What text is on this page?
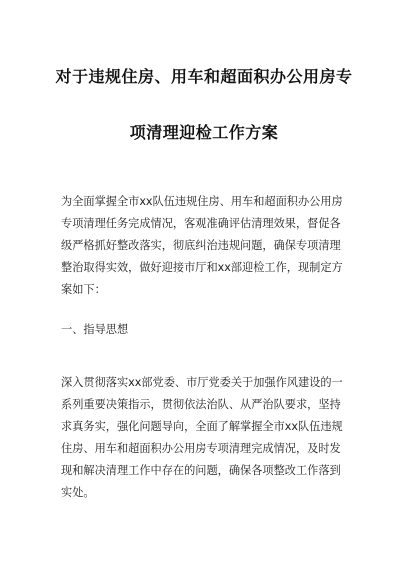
对于违规住房、用车和超面积办公用房专
项清理迎检工作方案
为全面掌握全市xx队伍违规住房、用车和超面积办公用房
专项清理任务完成情况，客观准确评估清理效果，督促各
级严格抓好整改落实，彻底纠治违规问题，确保专项清理
整治取得实效，做好迎接市厅和xx部迎检工作，现制定方
案如下：
一、指导思想
深入贯彻落实xx部党委、市厅党委关于加强作风建设的一
系列重要决策指示，贯彻依法治队、从严治队要求，坚持
求真务实，强化问题导向，全面了解掌握全市xx队伍违规
住房、用车和超面积办公用房专项清理完成情况，及时发
现和解决清理工作中存在的问题，确保各项整改工作落到
实处。
